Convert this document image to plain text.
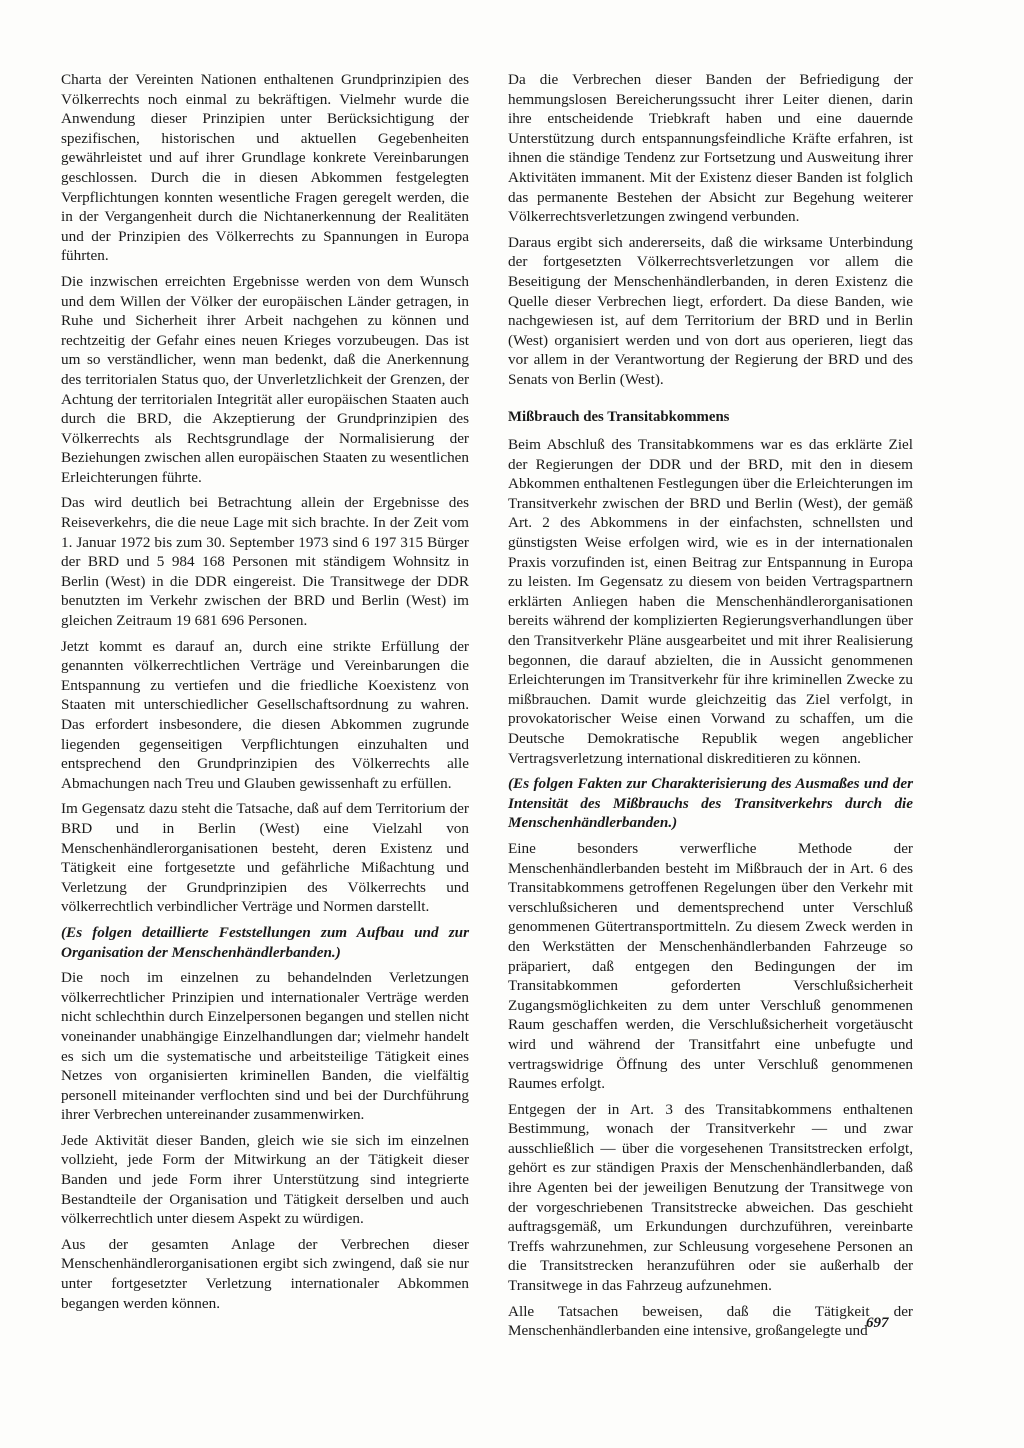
Charta der Vereinten Nationen enthaltenen Grundprinzipien des Völkerrechts noch einmal zu bekräftigen. Vielmehr wurde die Anwendung dieser Prinzipien unter Berücksichtigung der spezifischen, historischen und aktuellen Gegebenheiten gewährleistet und auf ihrer Grundlage konkrete Vereinbarungen geschlossen. Durch die in diesen Abkommen festgelegten Verpflichtungen konnten wesentliche Fragen geregelt werden, die in der Vergangenheit durch die Nichtanerkennung der Realitäten und der Prinzipien des Völkerrechts zu Spannungen in Europa führten.

Die inzwischen erreichten Ergebnisse werden von dem Wunsch und dem Willen der Völker der europäischen Länder getragen, in Ruhe und Sicherheit ihrer Arbeit nachgehen zu können und rechtzeitig der Gefahr eines neuen Krieges vorzubeugen. Das ist um so verständlicher, wenn man bedenkt, daß die Anerkennung des territorialen Status quo, der Unverletzlichkeit der Grenzen, der Achtung der territorialen Integrität aller europäischen Staaten auch durch die BRD, die Akzeptierung der Grundprinzipien des Völkerrechts als Rechtsgrundlage der Normalisierung der Beziehungen zwischen allen europäischen Staaten zu wesentlichen Erleichterungen führte.

Das wird deutlich bei Betrachtung allein der Ergebnisse des Reiseverkehrs, die die neue Lage mit sich brachte. In der Zeit vom 1. Januar 1972 bis zum 30. September 1973 sind 6 197 315 Bürger der BRD und 5 984 168 Personen mit ständigem Wohnsitz in Berlin (West) in die DDR eingereist. Die Transitwege der DDR benutzten im Verkehr zwischen der BRD und Berlin (West) im gleichen Zeitraum 19 681 696 Personen.

Jetzt kommt es darauf an, durch eine strikte Erfüllung der genannten völkerrechtlichen Verträge und Vereinbarungen die Entspannung zu vertiefen und die friedliche Koexistenz von Staaten mit unterschiedlicher Gesellschaftsordnung zu wahren. Das erfordert insbesondere, die diesen Abkommen zugrunde liegenden gegenseitigen Verpflichtungen einzuhalten und entsprechend den Grundprinzipien des Völkerrechts alle Abmachungen nach Treu und Glauben gewissenhaft zu erfüllen.

Im Gegensatz dazu steht die Tatsache, daß auf dem Territorium der BRD und in Berlin (West) eine Vielzahl von Menschenhändlerorganisationen besteht, deren Existenz und Tätigkeit eine fortgesetzte und gefährliche Mißachtung und Verletzung der Grundprinzipien des Völkerrechts und völkerrechtlich verbindlicher Verträge und Normen darstellt.

(Es folgen detaillierte Feststellungen zum Aufbau und zur Organisation der Menschenhändlerbanden.)

Die noch im einzelnen zu behandelnden Verletzungen völkerrechtlicher Prinzipien und internationaler Verträge werden nicht schlechthin durch Einzelpersonen begangen und stellen nicht voneinander unabhängige Einzelhandlungen dar; vielmehr handelt es sich um die systematische und arbeitsteilige Tätigkeit eines Netzes von organisierten kriminellen Banden, die vielfältig personell miteinander verflochten sind und bei der Durchführung ihrer Verbrechen untereinander zusammenwirken.

Jede Aktivität dieser Banden, gleich wie sie sich im einzelnen vollzieht, jede Form der Mitwirkung an der Tätigkeit dieser Banden und jede Form ihrer Unterstützung sind integrierte Bestandteile der Organisation und Tätigkeit derselben und auch völkerrechtlich unter diesem Aspekt zu würdigen.

Aus der gesamten Anlage der Verbrechen dieser Menschenhändlerorganisationen ergibt sich zwingend, daß sie nur unter fortgesetzter Verletzung internationaler Abkommen begangen werden können.

Da die Verbrechen dieser Banden der Befriedigung der hemmungslosen Bereicherungssucht ihrer Leiter dienen, darin ihre entscheidende Triebkraft haben und eine dauernde Unterstützung durch entspannungsfeindliche Kräfte erfahren, ist ihnen die ständige Tendenz zur Fortsetzung und Ausweitung ihrer Aktivitäten immanent. Mit der Existenz dieser Banden ist folglich das permanente Bestehen der Absicht zur Begehung weiterer Völkerrechtsverletzungen zwingend verbunden.

Daraus ergibt sich andererseits, daß die wirksame Unterbindung der fortgesetzten Völkerrechtsverletzungen vor allem die Beseitigung der Menschenhändlerbanden, in deren Existenz die Quelle dieser Verbrechen liegt, erfordert. Da diese Banden, wie nachgewiesen ist, auf dem Territorium der BRD und in Berlin (West) organisiert werden und von dort aus operieren, liegt das vor allem in der Verantwortung der Regierung der BRD und des Senats von Berlin (West).

Mißbrauch des Transitabkommens

Beim Abschluß des Transitabkommens war es das erklärte Ziel der Regierungen der DDR und der BRD, mit den in diesem Abkommen enthaltenen Festlegungen über die Erleichterungen im Transitverkehr zwischen der BRD und Berlin (West), der gemäß Art. 2 des Abkommens in der einfachsten, schnellsten und günstigsten Weise erfolgen wird, wie es in der internationalen Praxis vorzufinden ist, einen Beitrag zur Entspannung in Europa zu leisten. Im Gegensatz zu diesem von beiden Vertragspartnern erklärten Anliegen haben die Menschenhändlerorganisationen bereits während der komplizierten Regierungsverhandlungen über den Transitverkehr Pläne ausgearbeitet und mit ihrer Realisierung begonnen, die darauf abzielten, die in Aussicht genommenen Erleichterungen im Transitverkehr für ihre kriminellen Zwecke zu mißbrauchen. Damit wurde gleichzeitig das Ziel verfolgt, in provokatorischer Weise einen Vorwand zu schaffen, um die Deutsche Demokratische Republik wegen angeblicher Vertragsverletzung international diskreditieren zu können.

(Es folgen Fakten zur Charakterisierung des Ausmaßes und der Intensität des Mißbrauchs des Transitverkehrs durch die Menschenhändlerbanden.)

Eine besonders verwerfliche Methode der Menschenhändlerbanden besteht im Mißbrauch der in Art. 6 des Transitabkommens getroffenen Regelungen über den Verkehr mit verschlußsicheren und dementsprechend unter Verschluß genommenen Gütertransportmitteln. Zu diesem Zweck werden in den Werkstätten der Menschenhändlerbanden Fahrzeuge so präpariert, daß entgegen den Bedingungen der im Transitabkommen geforderten Verschlußsicherheit Zugangsmöglichkeiten zu dem unter Verschluß genommenen Raum geschaffen werden, die Verschlußsicherheit vorgetäuscht wird und während der Transitfahrt eine unbefugte und vertragswidrige Öffnung des unter Verschluß genommenen Raumes erfolgt.

Entgegen der in Art. 3 des Transitabkommens enthaltenen Bestimmung, wonach der Transitverkehr — und zwar ausschließlich — über die vorgesehenen Transitstrecken erfolgt, gehört es zur ständigen Praxis der Menschenhändlerbanden, daß ihre Agenten bei der jeweiligen Benutzung der Transitwege von der vorgeschriebenen Transitstrecke abweichen. Das geschieht auftragsgemäß, um Erkundungen durchzuführen, vereinbarte Treffs wahrzunehmen, zur Schleusung vorgesehene Personen an die Transitstrecken heranzuführen oder sie außerhalb der Transitwege in das Fahrzeug aufzunehmen.

Alle Tatsachen beweisen, daß die Tätigkeit der Menschenhändlerbanden eine intensive, großangelegte und

697
